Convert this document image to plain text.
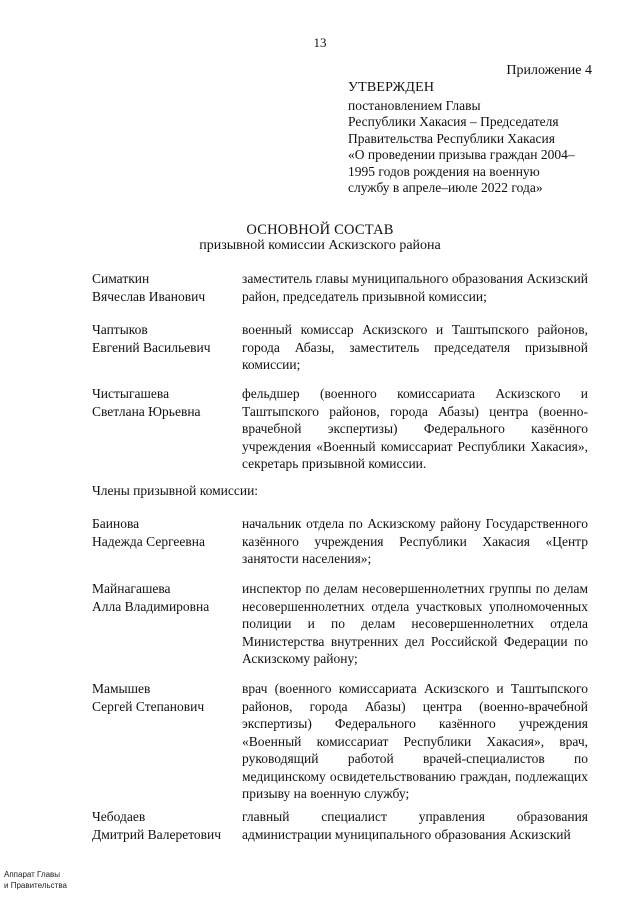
13
Приложение 4
УТВЕРЖДЕН
постановлением Главы
Республики Хакасия – Председателя
Правительства Республики Хакасия
«О проведении призыва граждан 2004–
1995 годов рождения на военную
службу в апреле–июле 2022 года»
ОСНОВНОЙ СОСТАВ
призывной комиссии Аскизского района
Симаткин
Вячеслав Иванович
заместитель главы муниципального образования Аскизский район, председатель призывной комиссии;
Чаптыков
Евгений Васильевич
военный комиссар Аскизского и Таштыпского районов, города Абазы, заместитель председателя призывной комиссии;
Чистыгашева
Светлана Юрьевна
фельдшер (военного комиссариата Аскизского и Таштыпского районов, города Абазы) центра (военно-врачебной экспертизы) Федерального казённого учреждения «Военный комиссариат Республики Хакасия», секретарь призывной комиссии.
Члены призывной комиссии:
Баинова
Надежда Сергеевна
начальник отдела по Аскизскому району Государственного казённого учреждения Республики Хакасия «Центр занятости населения»;
Майнагашева
Алла Владимировна
инспектор по делам несовершеннолетних группы по делам несовершеннолетних отдела участковых уполномоченных полиции и по делам несовершеннолетних отдела Министерства внутренних дел Российской Федерации по Аскизскому району;
Мамышев
Сергей Степанович
врач (военного комиссариата Аскизского и Таштыпского районов, города Абазы) центра (военно-врачебной экспертизы) Федерального казённого учреждения «Военный комиссариат Республики Хакасия», врач, руководящий работой врачей-специалистов по медицинскому освидетельствованию граждан, подлежащих призыву на военную службу;
Чебодаев
Дмитрий Валеретович
главный специалист управления образования администрации муниципального образования Аскизский
Аппарат Главы
и Правительства
